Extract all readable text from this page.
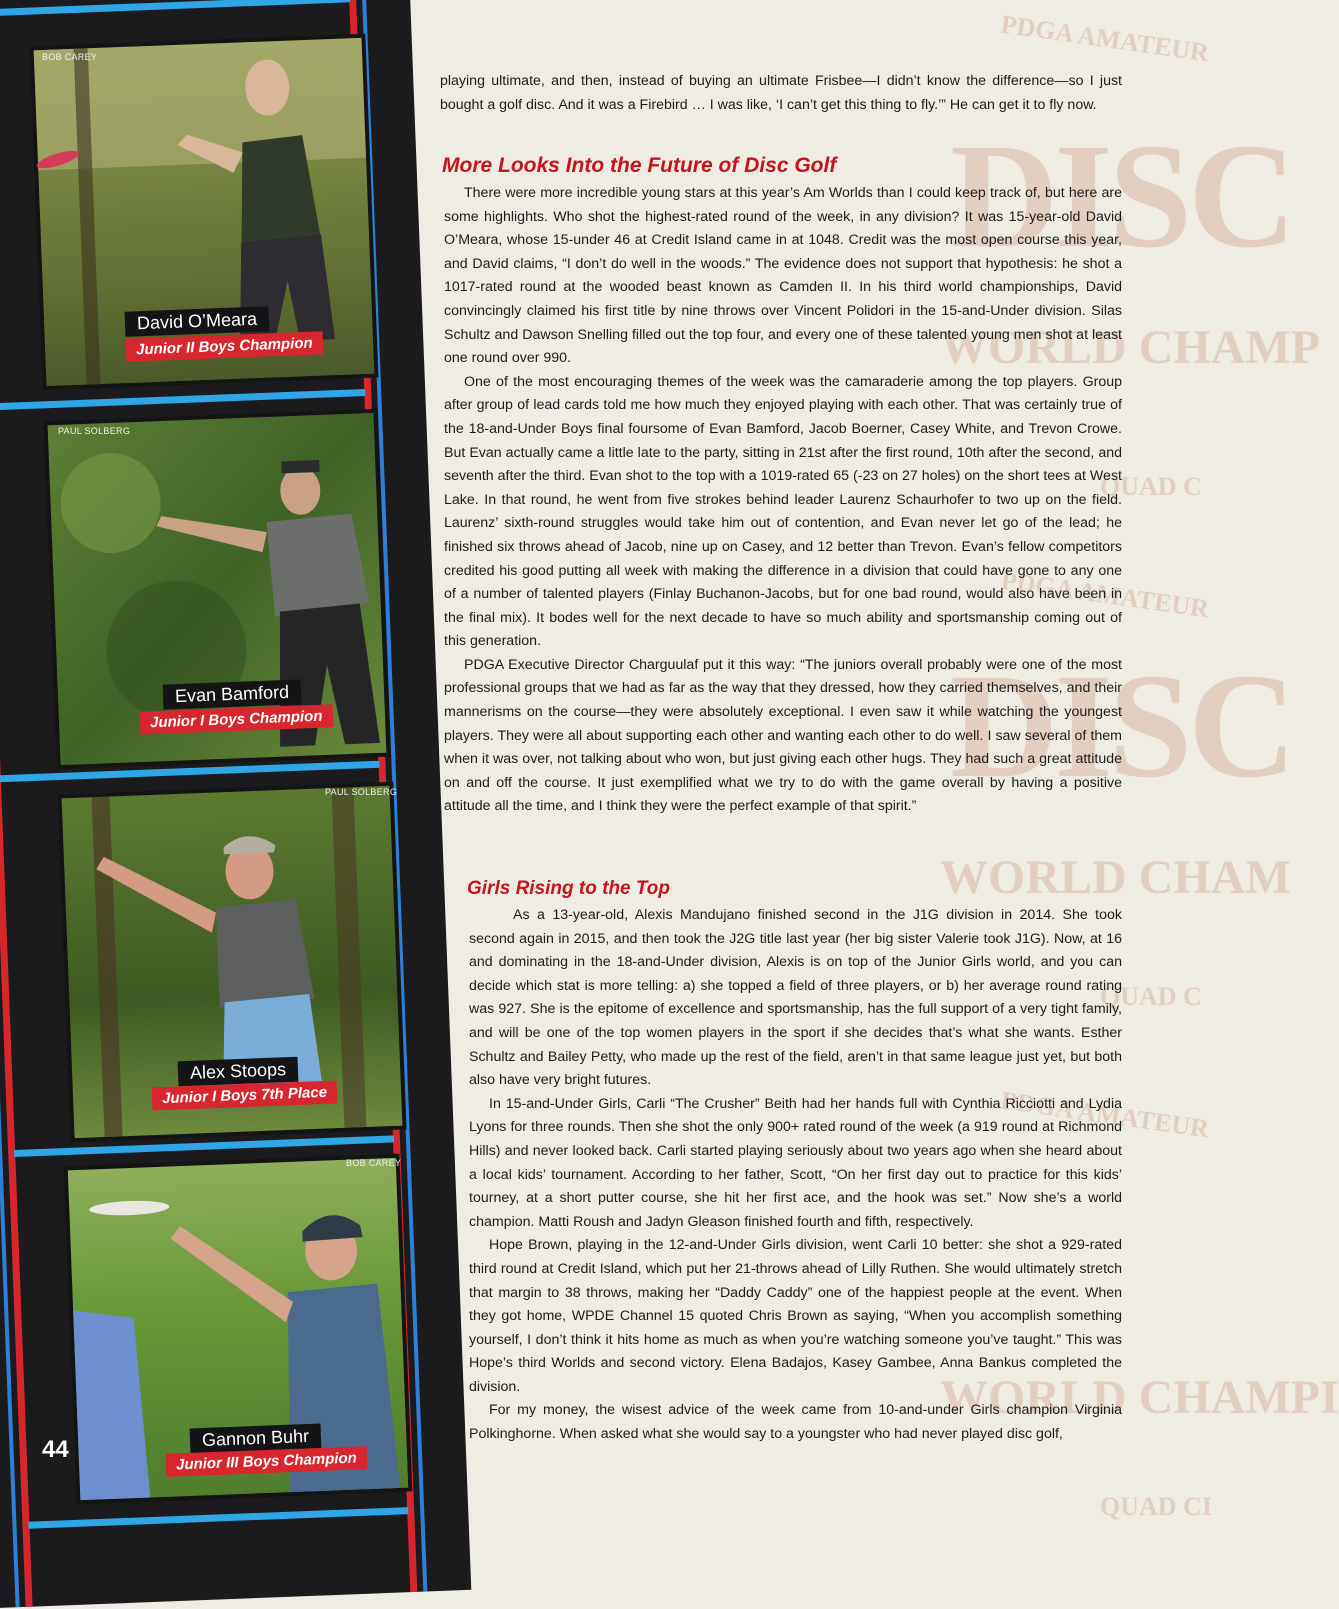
PDGA AMATEUR
DISC
WORLD CHAMP
QUAD C
PDGA AMATEUR
DISC
WORLD CHAM
QUAD C
PDGA AMATEUR
WORLD CHAMPI
QUAD CI
BOB CAREY
David O’Meara
Junior II Boys Champion
PAUL SOLBERG
Evan Bamford
Junior I Boys Champion
PAUL SOLBERG
Alex Stoops
Junior I Boys 7th Place
BOB CAREY
Gannon Buhr
Junior III Boys Champion
44

playing ultimate, and then, instead of buying an ultimate Frisbee—I didn’t know the difference—so I just bought a golf disc. And it was a Firebird … I was like, ‘I can’t get this thing to fly.’” He can get it to fly now.

More Looks Into the Future of Disc Golf

There were more incredible young stars at this year’s Am Worlds than I could keep track of, but here are some highlights. Who shot the highest-rated round of the week, in any division? It was 15-year-old David O’Meara, whose 15-under 46 at Credit Island came in at 1048. Credit was the most open course this year, and David claims, “I don’t do well in the woods.” The evidence does not support that hypothesis: he shot a 1017-rated round at the wooded beast known as Camden II. In his third world championships, David convincingly claimed his first title by nine throws over Vincent Polidori in the 15-and-Under division. Silas Schultz and Dawson Snelling filled out the top four, and every one of these talented young men shot at least one round over 990.

One of the most encouraging themes of the week was the camaraderie among the top players. Group after group of lead cards told me how much they enjoyed playing with each other. That was certainly true of the 18-and-Under Boys final foursome of Evan Bamford, Jacob Boerner, Casey White, and Trevon Crowe. But Evan actually came a little late to the party, sitting in 21st after the first round, 10th after the second, and seventh after the third. Evan shot to the top with a 1019-rated 65 (-23 on 27 holes) on the short tees at West Lake. In that round, he went from five strokes behind leader Laurenz Schaurhofer to two up on the field. Laurenz’ sixth-round struggles would take him out of contention, and Evan never let go of the lead; he finished six throws ahead of Jacob, nine up on Casey, and 12 better than Trevon. Evan’s fellow competitors credited his good putting all week with making the difference in a division that could have gone to any one of a number of talented players (Finlay Buchanon-Jacobs, but for one bad round, would also have been in the final mix). It bodes well for the next decade to have so much ability and sportsmanship coming out of this generation.

PDGA Executive Director Charguulaf put it this way: “The juniors overall probably were one of the most professional groups that we had as far as the way that they dressed, how they carried themselves, and their mannerisms on the course—they were absolutely exceptional. I even saw it while watching the youngest players. They were all about supporting each other and wanting each other to do well. I saw several of them when it was over, not talking about who won, but just giving each other hugs. They had such a great attitude on and off the course. It just exemplified what we try to do with the game overall by having a positive attitude all the time, and I think they were the perfect example of that spirit.”

Girls Rising to the Top

As a 13-year-old, Alexis Mandujano finished second in the J1G division in 2014. She took second again in 2015, and then took the J2G title last year (her big sister Valerie took J1G). Now, at 16 and dominating in the 18-and-Under division, Alexis is on top of the Junior Girls world, and you can decide which stat is more telling: a) she topped a field of three players, or b) her average round rating was 927. She is the epitome of excellence and sportsmanship, has the full support of a very tight family, and will be one of the top women players in the sport if she decides that’s what she wants. Esther Schultz and Bailey Petty, who made up the rest of the field, aren’t in that same league just yet, but both also have very bright futures.

In 15-and-Under Girls, Carli “The Crusher” Beith had her hands full with Cynthia Ricciotti and Lydia Lyons for three rounds. Then she shot the only 900+ rated round of the week (a 919 round at Richmond Hills) and never looked back. Carli started playing seriously about two years ago when she heard about a local kids’ tournament. According to her father, Scott, “On her first day out to practice for this kids’ tourney, at a short putter course, she hit her first ace, and the hook was set.” Now she’s a world champion. Matti Roush and Jadyn Gleason finished fourth and fifth, respectively.

Hope Brown, playing in the 12-and-Under Girls division, went Carli 10 better: she shot a 929-rated third round at Credit Island, which put her 21-throws ahead of Lilly Ruthen. She would ultimately stretch that margin to 38 throws, making her “Daddy Caddy” one of the happiest people at the event. When they got home, WPDE Channel 15 quoted Chris Brown as saying, “When you accomplish something yourself, I don’t think it hits home as much as when you’re watching someone you’ve taught.” This was Hope’s third Worlds and second victory. Elena Badajos, Kasey Gambee, Anna Bankus completed the division.

For my money, the wisest advice of the week came from 10-and-under Girls champion Virginia Polkinghorne. When asked what she would say to a youngster who had never played disc golf,
